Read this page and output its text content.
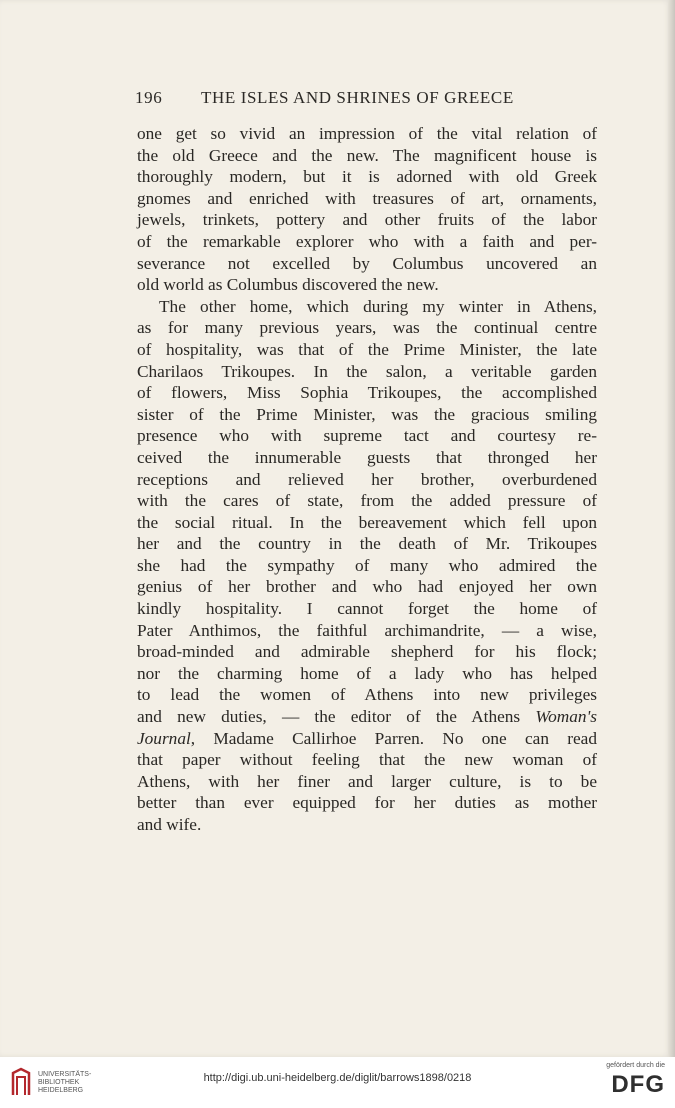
196 THE ISLES AND SHRINES OF GREECE
one get so vivid an impression of the vital relation of
the old Greece and the new. The magnificent house is
thoroughly modern, but it is adorned with old Greek
gnomes and enriched with treasures of art, ornaments,
jewels, trinkets, pottery and other fruits of the labor
of the remarkable explorer who with a faith and per-
severance not excelled by Columbus uncovered an
old world as Columbus discovered the new.
The other home, which during my winter in Athens,
as for many previous years, was the continual centre
of hospitality, was that of the Prime Minister, the late
Charilaos Trikoupes. In the salon, a veritable garden
of flowers, Miss Sophia Trikoupes, the accomplished
sister of the Prime Minister, was the gracious smiling
presence who with supreme tact and courtesy re-
ceived the innumerable guests that thronged her
receptions and relieved her brother, overburdened
with the cares of state, from the added pressure of
the social ritual. In the bereavement which fell upon
her and the country in the death of Mr. Trikoupes
she had the sympathy of many who admired the
genius of her brother and who had enjoyed her own
kindly hospitality. I cannot forget the home of
Pater Anthimos, the faithful archimandrite, — a wise,
broad-minded and admirable shepherd for his flock;
nor the charming home of a lady who has helped
to lead the women of Athens into new privileges
and new duties, — the editor of the Athens Woman's
Journal, Madame Callirhoe Parren. No one can read
that paper without feeling that the new woman of
Athens, with her finer and larger culture, is to be
better than ever equipped for her duties as mother
and wife.
UNIVERSITÄTS-
BIBLIOTHEK
HEIDELBERG
http://digi.ub.uni-heidelberg.de/diglit/barrows1898/0218
gefördert durch die
DFG
